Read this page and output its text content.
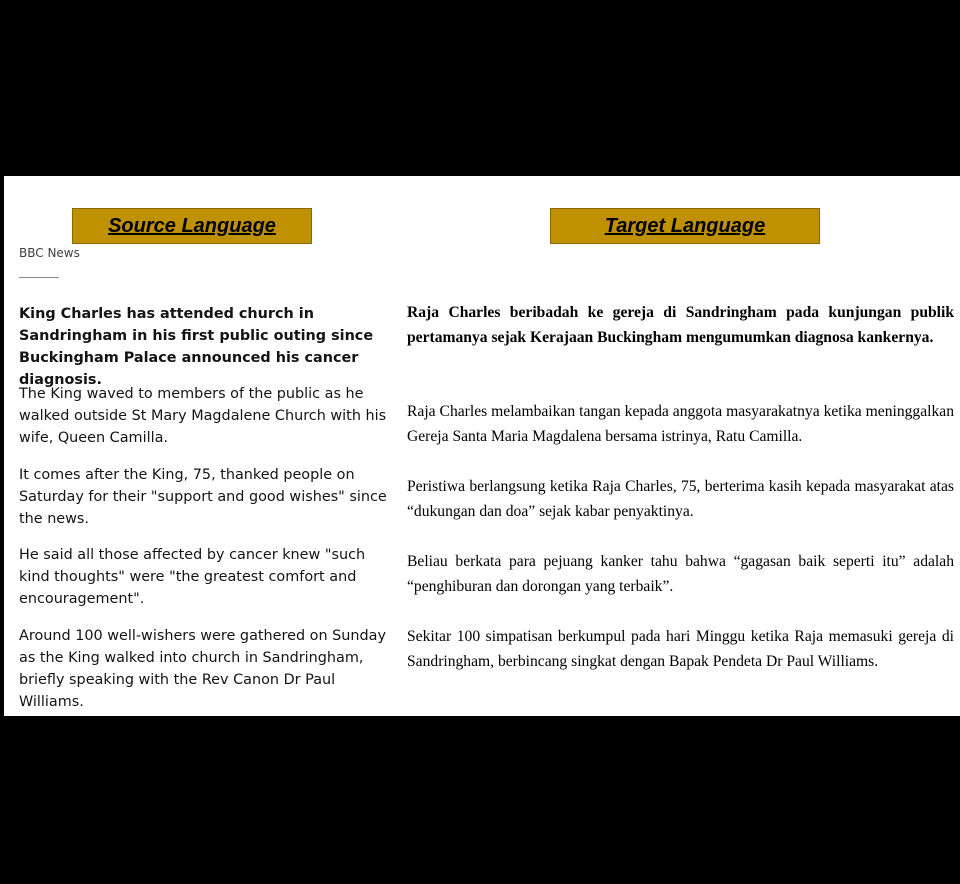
Source Language	Target Language
BBC News

King Charles has attended church in Sandringham in his first public outing since Buckingham Palace announced his cancer diagnosis.

The King waved to members of the public as he walked outside St Mary Magdalene Church with his wife, Queen Camilla.

It comes after the King, 75, thanked people on Saturday for their "support and good wishes" since the news.

He said all those affected by cancer knew "such kind thoughts" were "the greatest comfort and encouragement".

Around 100 well-wishers were gathered on Sunday as the King walked into church in Sandringham, briefly speaking with the Rev Canon Dr Paul Williams.

Raja Charles beribadah ke gereja di Sandringham pada kunjungan publik pertamanya sejak Kerajaan Buckingham mengumumkan diagnosa kankernya.

Raja Charles melambaikan tangan kepada anggota masyarakatnya ketika meninggalkan Gereja Santa Maria Magdalena bersama istrinya, Ratu Camilla.

Peristiwa berlangsung ketika Raja Charles, 75, berterima kasih kepada masyarakat atas “dukungan dan doa” sejak kabar penyaktinya.

Beliau berkata para pejuang kanker tahu bahwa “gagasan baik seperti itu” adalah “penghiburan dan dorongan yang terbaik”.

Sekitar 100 simpatisan berkumpul pada hari Minggu ketika Raja memasuki gereja di Sandringham, berbincang singkat dengan Bapak Pendeta Dr Paul Williams.
